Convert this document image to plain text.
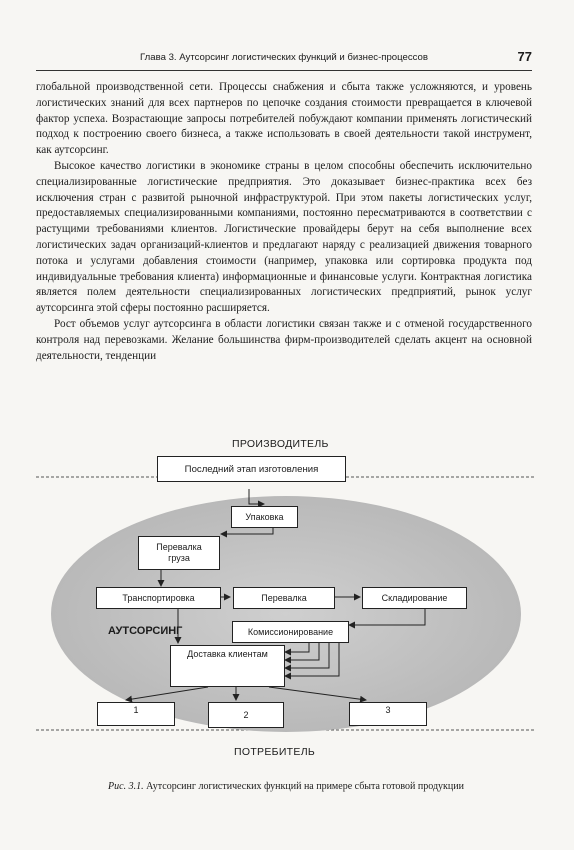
Глава 3. Аутсорсинг логистических функций и бизнес-процессов	77

глобальной производственной сети. Процессы снабжения и сбыта также усложняются, и уровень логистических знаний для всех партнеров по цепочке создания стоимости превращается в ключевой фактор успеха. Возрастающие запросы потребителей побуждают компании применять логистический подход к построению своего бизнеса, а также использовать в своей деятельности такой инструмент, как аутсорсинг.

Высокое качество логистики в экономике страны в целом способны обеспечить исключительно специализированные логистические предприятия. Это доказывает бизнес-практика всех без исключения стран с развитой рыночной инфраструктурой. При этом пакеты логистических услуг, предоставляемых специализированными компаниями, постоянно пересматриваются в соответствии с растущими требованиями клиентов. Логистические провайдеры берут на себя выполнение всех логистических задач организаций-клиентов и предлагают наряду с реализацией движения товарного потока и услугами добавления стоимости (например, упаковка или сортировка продукта под индивидуальные требования клиента) информационные и финансовые услуги. Контрактная логистика является полем деятельности специализированных логистических предприятий, рынок услуг аутсорсинга этой сферы постоянно расширяется.

Рост объемов услуг аутсорсинга в области логистики связан также и с отменой государственного контроля над перевозками. Желание большинства фирм-производителей сделать акцент на основной деятельности, тенденции

ПРОИЗВОДИТЕЛЬ
Последний этап изготовления
Упаковка
Перевалка
груза
Транспортировка	Перевалка	Складирование
АУТСОРСИНГ	Комиссионирование
Доставка клиентам
1	2	3
ПОТРЕБИТЕЛЬ
Рис. 3.1. Аутсорсинг логистических функций на примере сбыта готовой продукции
